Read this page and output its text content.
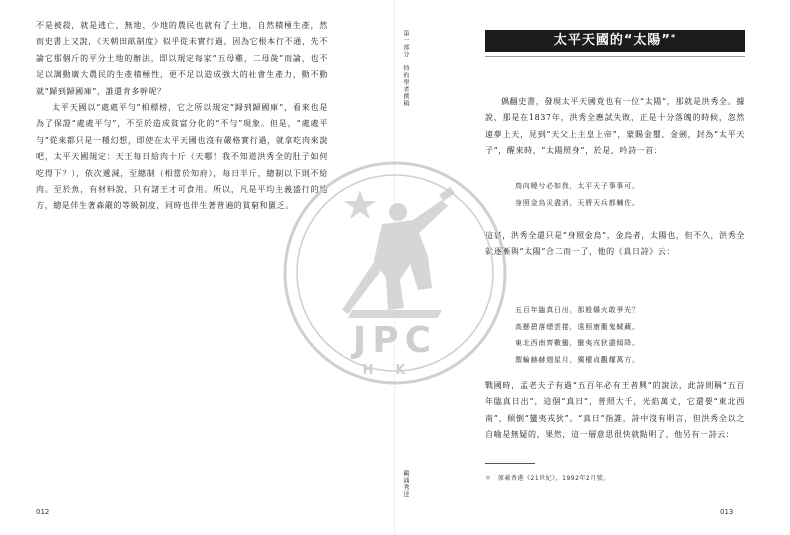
不是被殺，就是逃亡，無地、少地的農民也就有了土地，自然積極生產，然而史書上又說，《天朝田畝制度》似乎從未實行過，因為它根本行不通，先不論它那個斤的平分土地的辦法，即以規定每家“五母雞，二母彘”而論，也不足以調動廣大農民的生產積極性，更不足以造成強大的社會生產力，動不動就“歸到歸國庫”，誰還肯多幹呢？

太平天國以“處處平勻”相標榜，它之所以規定“歸到歸國庫”，看來也是為了保證“處處平勻”，不至於造成貧富分化的“不勻”現象。但是，“處處平勻”從來都只是一種幻想，即使在太平天國也沒有嚴格實行過，就拿吃肉來說吧，太平天國規定：天王每日給肉十斤（天哪！我不知道洪秀全的肚子如何吃得下？），依次遞減，至總制（相當於知府），每日半斤，總制以下則不給肉。至於魚，有材料說，只有諸王才可食用。所以，凡是平均主義盛行的地方，總是伴生著森嚴的等級制度，同時也伴生著普遍的貧窮和匱乏。

012
第一部分　特約學者撰稿
鷗涌秀逹
太平天國的“太陽”*

偶翻史書，發現太平天國竟也有一位“太陽”，那就是洪秀全。據說，那是在1837年，洪秀全應試失敗，正是十分落魄的時候，忽然遠夢上天，見到“天父上主皇上帝”，蒙賜金璽、金劍，封為“太平天子”，醒來時，“太陽照身”，於是，吟詩一首：

鳥向曉兮必如我，太平天子事事可。
身照金烏災盡消，天將天兵都輔佐。

這裏，洪秀全還只是“身照金烏”，金烏者，太陽也，但不久，洪秀全就逐漸與“太陽”合二而一了，他的《真日詩》云：

五百年臨真日出，那般爝火敢爭光？
高懸碧落煙雲捲，遠照康衢鬼蜮藏。
東北西南齊數蠻，蠻夷戎狄盡傾降。
禦輪赫赫週星月，獨權貞觀耀萬方。

戰國時，孟老夫子有過“五百年必有王者興”的說法，此詩則稱“五百年臨真日出”，這個“真日”，普照大千，光焰萬丈，它還要“東北西南”，傾倒“蠻夷戎狄”。“真日”指誰，詩中沒有明言，但洪秀全以之自喻是無疑的，果然，這一層意思很快就點明了，他另有一詩云：

＊　原載香港《21世紀》，1992年2月號。
013
JPC
HK
